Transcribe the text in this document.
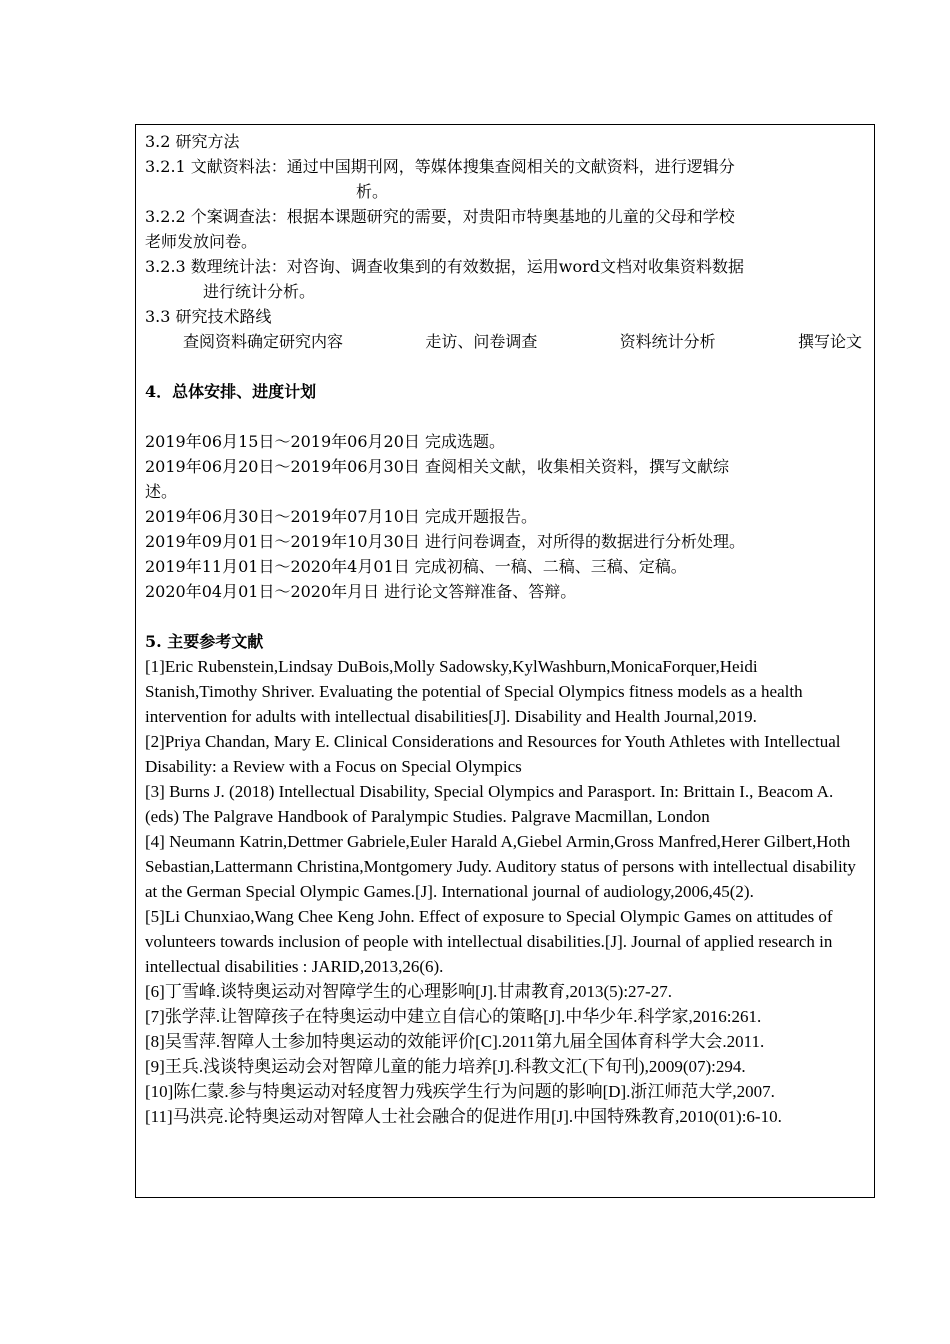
3.2 研究方法
3.2.1 文献资料法：通过中国期刊网，等媒体搜集查阅相关的文献资料，进行逻辑分
析。
3.2.2 个案调查法：根据本课题研究的需要，对贵阳市特奥基地的儿童的父母和学校
老师发放问卷。
3.2.3 数理统计法：对咨询、调查收集到的有效数据，运用word文档对收集资料数据
进行统计分析。
3.3 研究技术路线
查阅资料确定研究内容	走访、问卷调查	资料统计分析	撰写论文
4．总体安排、进度计划
2019年06月15日～2019年06月20日 完成选题。
2019年06月20日～2019年06月30日 查阅相关文献，收集相关资料，撰写文献综
述。
2019年06月30日～2019年07月10日 完成开题报告。
2019年09月01日～2019年10月30日 进行问卷调查，对所得的数据进行分析处理。
2019年11月01日～2020年4月01日 完成初稿、一稿、二稿、三稿、定稿。
2020年04月01日～2020年月日 进行论文答辩准备、答辩。
5. 主要参考文献
[1]Eric Rubenstein,Lindsay DuBois,Molly Sadowsky,KylWashburn,MonicaForquer,Heidi Stanish,Timothy Shriver. Evaluating the potential of Special Olympics fitness models as a health intervention for adults with intellectual disabilities[J]. Disability and Health Journal,2019.
[2]Priya Chandan, Mary E. Clinical Considerations and Resources for Youth Athletes with Intellectual Disability: a Review with a Focus on Special Olympics
[3] Burns J. (2018) Intellectual Disability, Special Olympics and Parasport. In: Brittain I., Beacom A. (eds) The Palgrave Handbook of Paralympic Studies. Palgrave Macmillan, London
[4] Neumann Katrin,Dettmer Gabriele,Euler Harald A,Giebel Armin,Gross Manfred,Herer Gilbert,Hoth Sebastian,Lattermann Christina,Montgomery Judy. Auditory status of persons with intellectual disability at the German Special Olympic Games.[J]. International journal of audiology,2006,45(2).
[5]Li Chunxiao,Wang Chee Keng John. Effect of exposure to Special Olympic Games on attitudes of volunteers towards inclusion of people with intellectual disabilities.[J]. Journal of applied research in intellectual disabilities : JARID,2013,26(6).
[6]丁雪峰.谈特奥运动对智障学生的心理影响[J].甘肃教育,2013(5):27-27.
[7]张学萍.让智障孩子在特奥运动中建立自信心的策略[J].中华少年.科学家,2016:261.
[8]吴雪萍.智障人士参加特奥运动的效能评价[C].2011第九届全国体育科学大会.2011.
[9]王兵.浅谈特奥运动会对智障儿童的能力培养[J].科教文汇(下旬刊),2009(07):294.
[10]陈仁蒙.参与特奥运动对轻度智力残疾学生行为问题的影响[D].浙江师范大学,2007.
[11]马洪亮.论特奥运动对智障人士社会融合的促进作用[J].中国特殊教育,2010(01):6-10.
